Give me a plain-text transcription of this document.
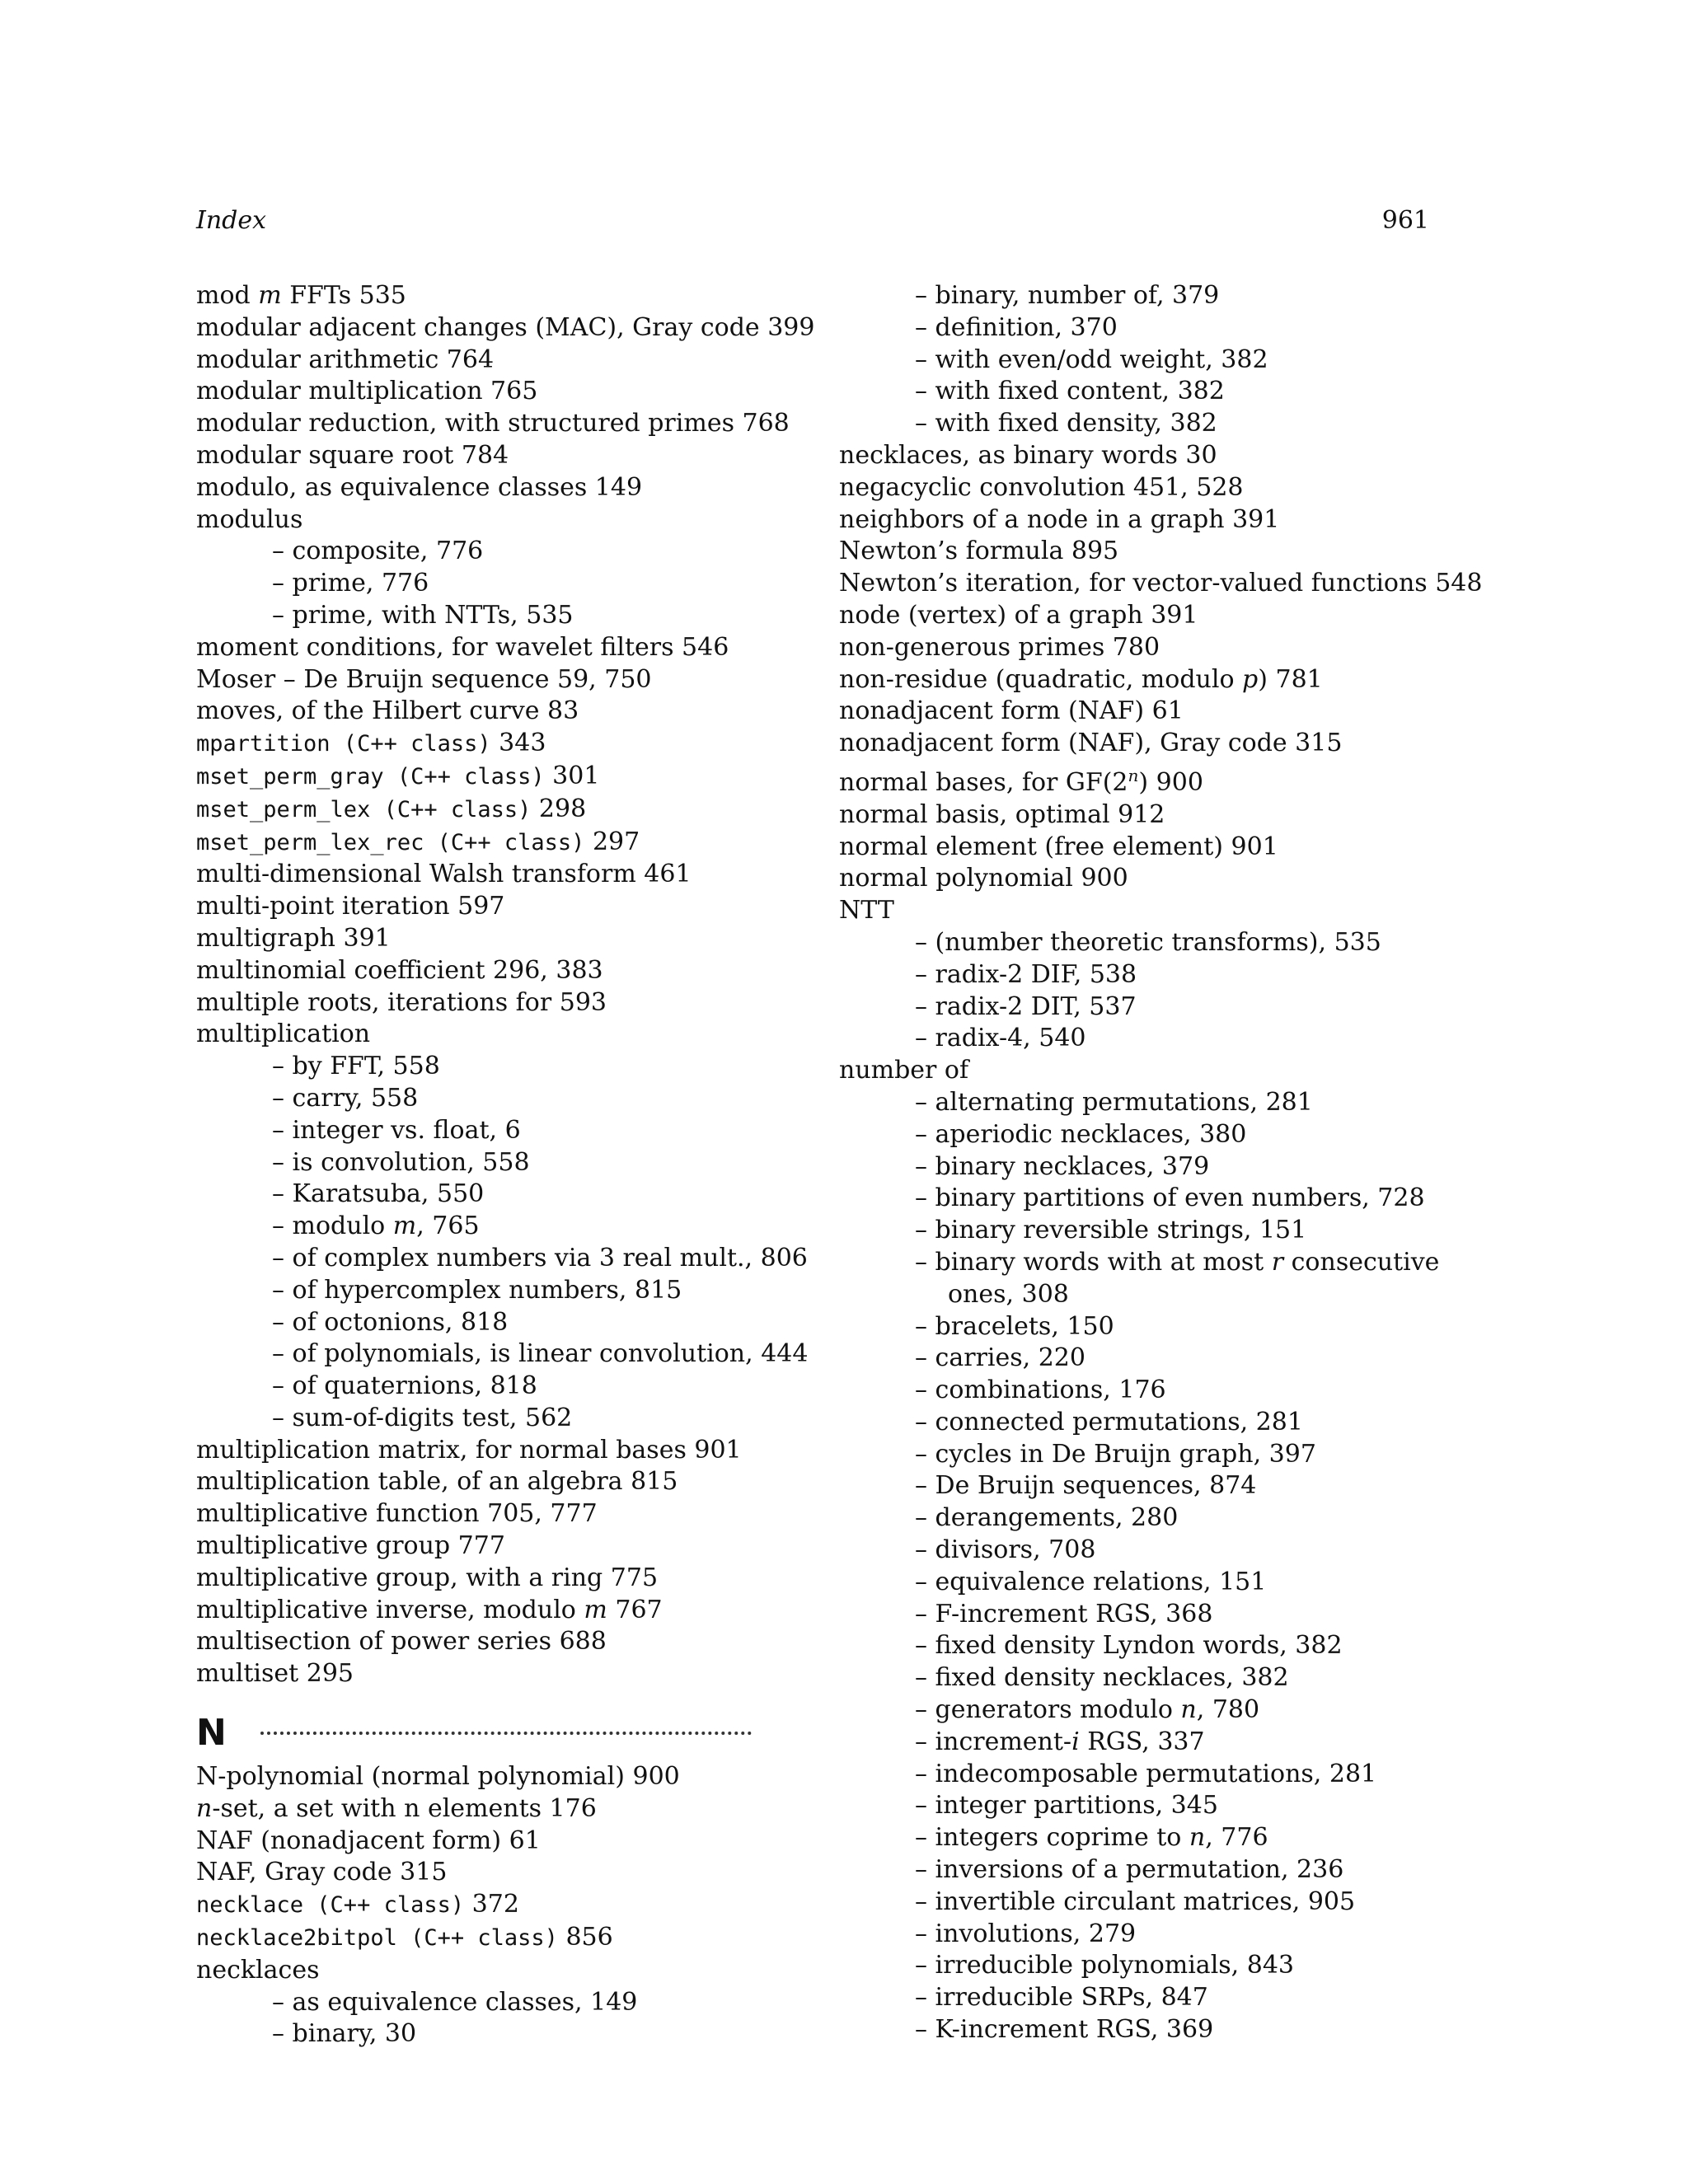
Index	961
mod m FFTs 535
modular adjacent changes (MAC), Gray code 399
modular arithmetic 764
modular multiplication 765
modular reduction, with structured primes 768
modular square root 784
modulo, as equivalence classes 149
modulus
– composite, 776
– prime, 776
– prime, with NTTs, 535
moment conditions, for wavelet filters 546
Moser – De Bruijn sequence 59, 750
moves, of the Hilbert curve 83
mpartition (C++ class) 343
mset_perm_gray (C++ class) 301
mset_perm_lex (C++ class) 298
mset_perm_lex_rec (C++ class) 297
multi-dimensional Walsh transform 461
multi-point iteration 597
multigraph 391
multinomial coefficient 296, 383
multiple roots, iterations for 593
multiplication
– by FFT, 558
– carry, 558
– integer vs. float, 6
– is convolution, 558
– Karatsuba, 550
– modulo m, 765
– of complex numbers via 3 real mult., 806
– of hypercomplex numbers, 815
– of octonions, 818
– of polynomials, is linear convolution, 444
– of quaternions, 818
– sum-of-digits test, 562
multiplication matrix, for normal bases 901
multiplication table, of an algebra 815
multiplicative function 705, 777
multiplicative group 777
multiplicative group, with a ring 775
multiplicative inverse, modulo m 767
multisection of power series 688
multiset 295
N
N-polynomial (normal polynomial) 900
n-set, a set with n elements 176
NAF (nonadjacent form) 61
NAF, Gray code 315
necklace (C++ class) 372
necklace2bitpol (C++ class) 856
necklaces
– as equivalence classes, 149
– binary, 30
– binary, number of, 379
– definition, 370
– with even/odd weight, 382
– with fixed content, 382
– with fixed density, 382
necklaces, as binary words 30
negacyclic convolution 451, 528
neighbors of a node in a graph 391
Newton’s formula 895
Newton’s iteration, for vector-valued functions 548
node (vertex) of a graph 391
non-generous primes 780
non-residue (quadratic, modulo p) 781
nonadjacent form (NAF) 61
nonadjacent form (NAF), Gray code 315
normal bases, for GF(2$^n$) 900
normal basis, optimal 912
normal element (free element) 901
normal polynomial 900
NTT
– (number theoretic transforms), 535
– radix-2 DIF, 538
– radix-2 DIT, 537
– radix-4, 540
number of
– alternating permutations, 281
– aperiodic necklaces, 380
– binary necklaces, 379
– binary partitions of even numbers, 728
– binary reversible strings, 151
– binary words with at most r consecutive
ones, 308
– bracelets, 150
– carries, 220
– combinations, 176
– connected permutations, 281
– cycles in De Bruijn graph, 397
– De Bruijn sequences, 874
– derangements, 280
– divisors, 708
– equivalence relations, 151
– F-increment RGS, 368
– fixed density Lyndon words, 382
– fixed density necklaces, 382
– generators modulo n, 780
– increment-i RGS, 337
– indecomposable permutations, 281
– integer partitions, 345
– integers coprime to n, 776
– inversions of a permutation, 236
– invertible circulant matrices, 905
– involutions, 279
– irreducible polynomials, 843
– irreducible SRPs, 847
– K-increment RGS, 369
